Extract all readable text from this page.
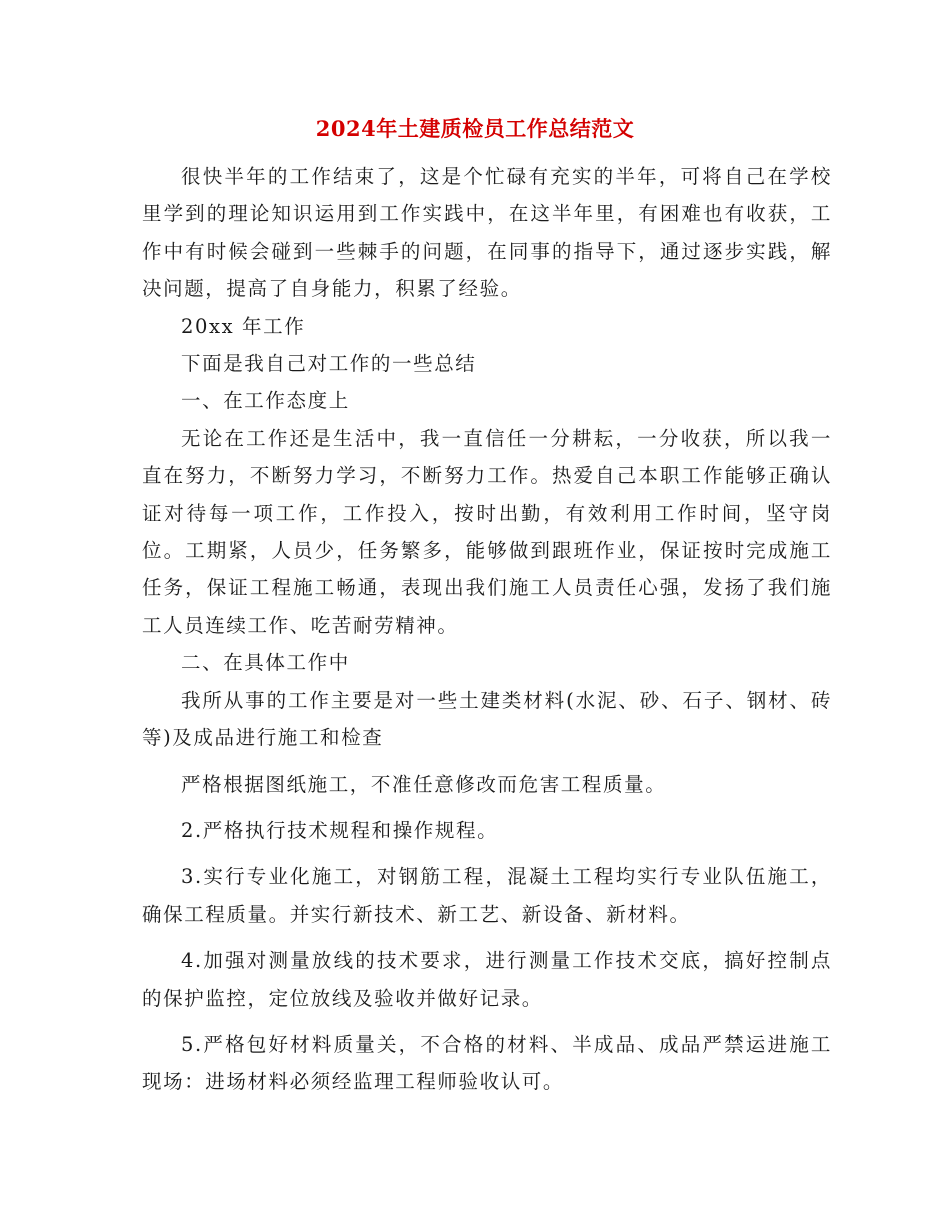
2024年土建质检员工作总结范文

很快半年的工作结束了，这是个忙碌有充实的半年，可将自己在学校里学到的理论知识运用到工作实践中，在这半年里，有困难也有收获，工作中有时候会碰到一些棘手的问题，在同事的指导下，通过逐步实践，解决问题，提高了自身能力，积累了经验。

20xx 年工作

下面是我自己对工作的一些总结

一、在工作态度上

无论在工作还是生活中，我一直信任一分耕耘，一分收获，所以我一直在努力，不断努力学习，不断努力工作。热爱自己本职工作能够正确认证对待每一项工作，工作投入，按时出勤，有效利用工作时间，坚守岗位。工期紧，人员少，任务繁多，能够做到跟班作业，保证按时完成施工任务，保证工程施工畅通，表现出我们施工人员责任心强，发扬了我们施工人员连续工作、吃苦耐劳精神。

二、在具体工作中

我所从事的工作主要是对一些土建类材料(水泥、砂、石子、钢材、砖等)及成品进行施工和检查

严格根据图纸施工，不准任意修改而危害工程质量。

2.严格执行技术规程和操作规程。

3.实行专业化施工，对钢筋工程，混凝土工程均实行专业队伍施工，确保工程质量。并实行新技术、新工艺、新设备、新材料。

4.加强对测量放线的技术要求，进行测量工作技术交底，搞好控制点的保护监控，定位放线及验收并做好记录。

5.严格包好材料质量关，不合格的材料、半成品、成品严禁运进施工现场：进场材料必须经监理工程师验收认可。
